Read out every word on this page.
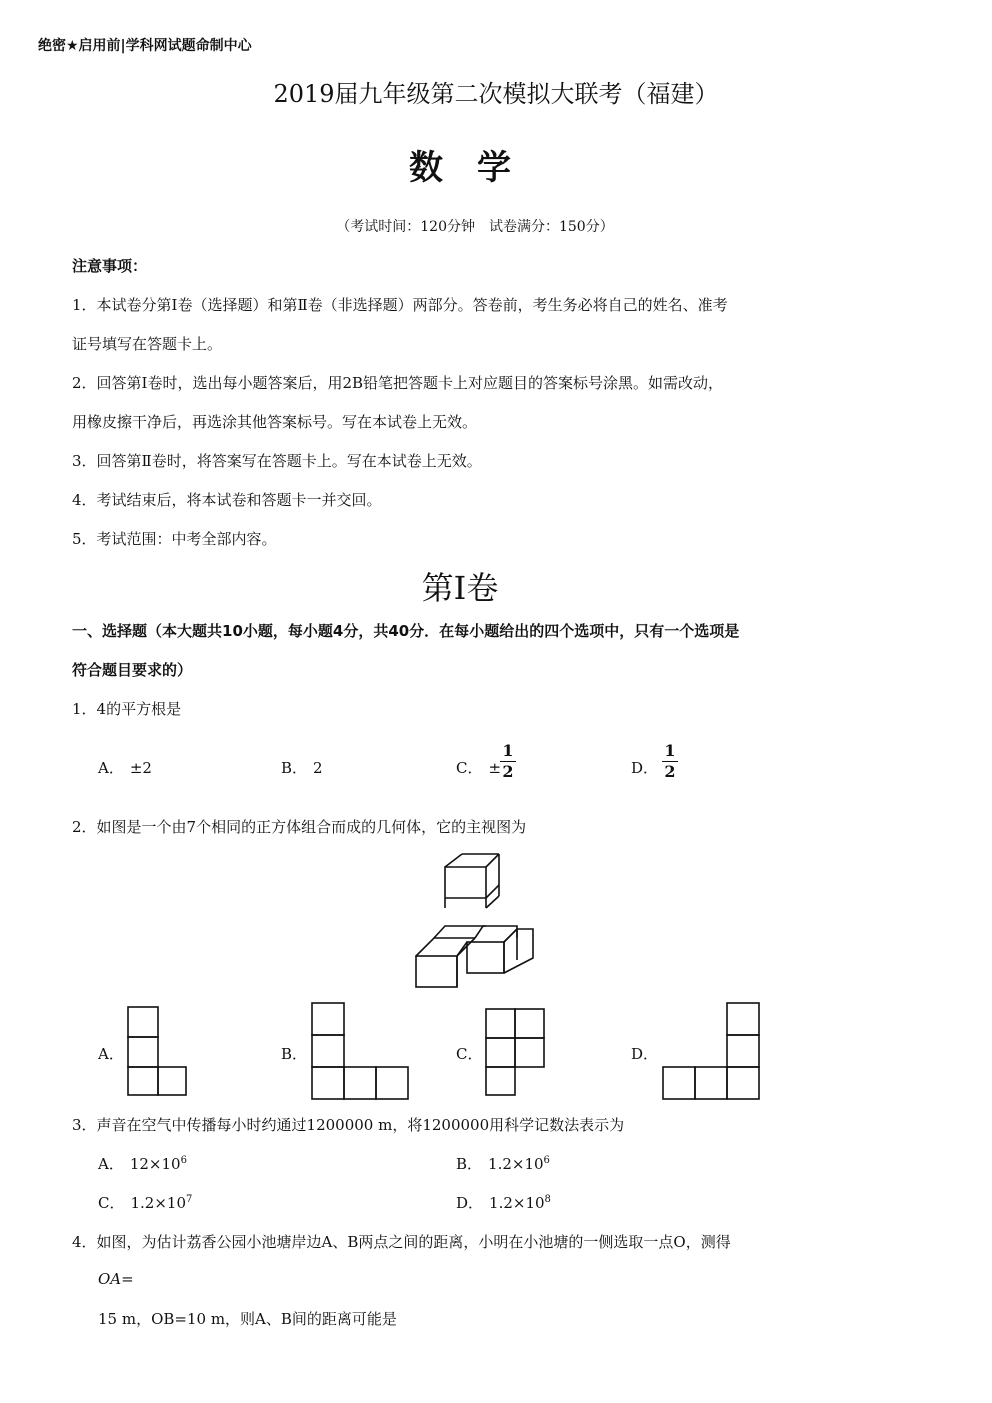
绝密★启用前|学科网试题命制中心
2019届九年级第二次模拟大联考（福建）
数　学
（考试时间：120分钟　试卷满分：150分）
注意事项：
1．本试卷分第Ⅰ卷（选择题）和第Ⅱ卷（非选择题）两部分。答卷前，考生务必将自己的姓名、准考
证号填写在答题卡上。
2．回答第Ⅰ卷时，选出每小题答案后，用2B铅笔把答题卡上对应题目的答案标号涂黑。如需改动，
用橡皮擦干净后，再选涂其他答案标号。写在本试卷上无效。
3．回答第Ⅱ卷时，将答案写在答题卡上。写在本试卷上无效。
4．考试结束后，将本试卷和答题卡一并交回。
5．考试范围：中考全部内容。
第Ⅰ卷
一、选择题（本大题共10小题，每小题4分，共40分．在每小题给出的四个选项中，只有一个选项是
符合题目要求的）
1．4的平方根是
A． ±2	B． 2	C． ±
1
2	D．
1
2
2．如图是一个由7个相同的正方体组合而成的几何体，它的主视图为
A．	B．	C．	D．
3．声音在空气中传播每小时约通过1200000 m，将1200000用科学记数法表示为
A． $12\times 10^6$	B． $1.2\times 10^6$
C． $1.2\times 10^7$	D． $1.2\times 10^8$
4．如图，为估计荔香公园小池塘岸边A、B两点之间的距离，小明在小池塘的一侧选取一点O，测得
OA=
15 m，OB=10 m，则A、B间的距离可能是
